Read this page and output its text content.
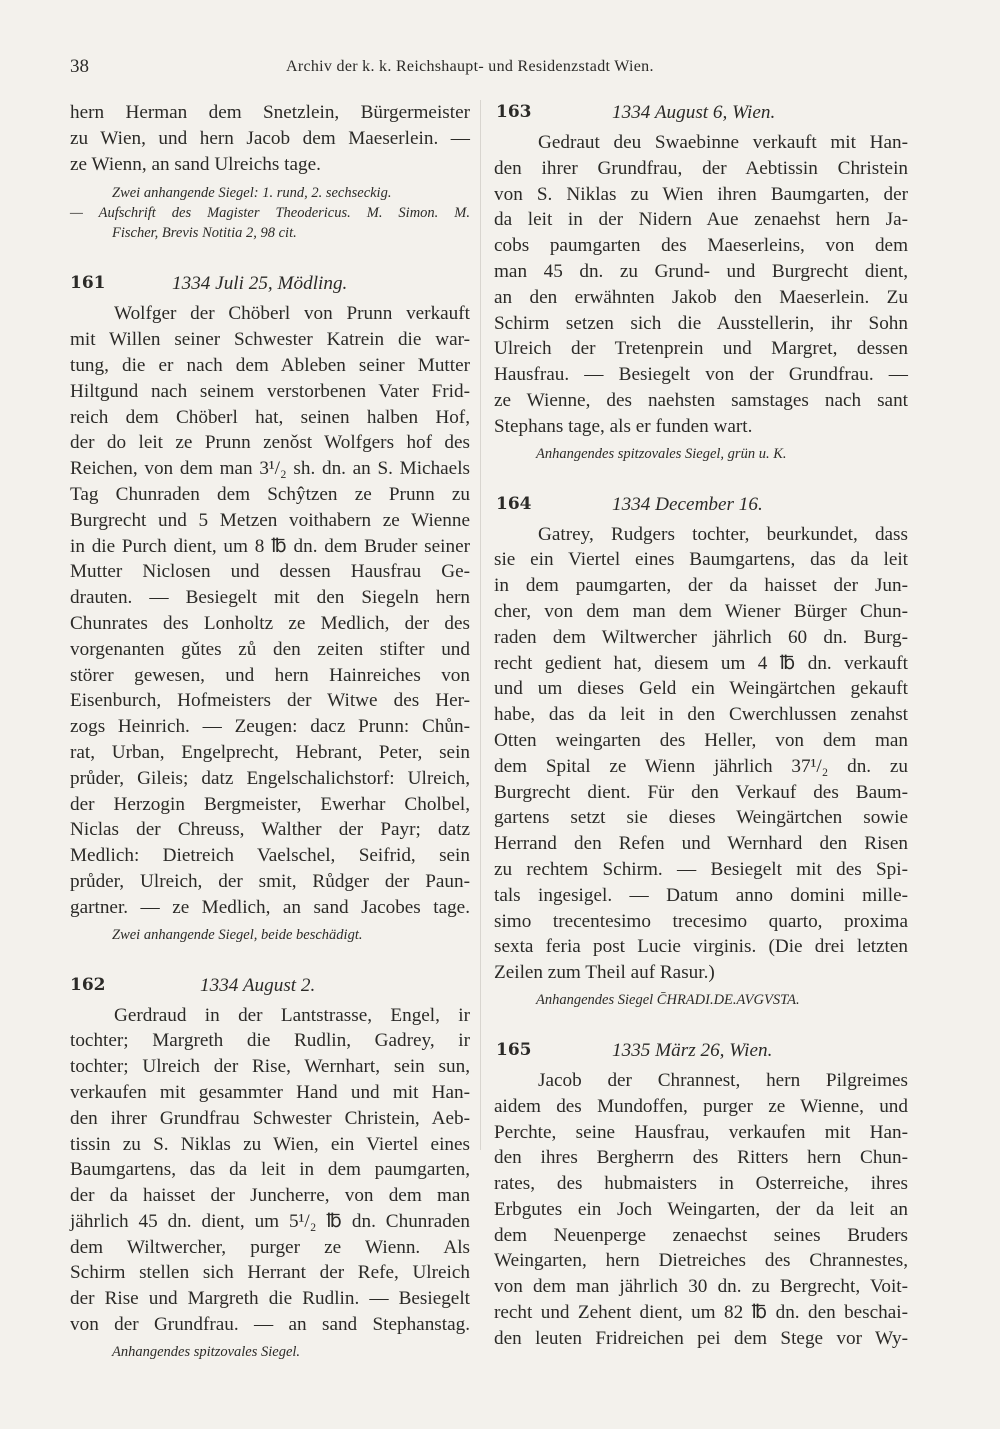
38	Archiv der k. k. Reichshaupt- und Residenzstadt Wien.
hern Herman dem Snetzlein, Bürgermeister
zu Wien, und hern Jacob dem Maeserlein. —
ze Wienn, an sand Ulreichs tage.
Zwei anhangende Siegel: 1. rund, 2. sechseckig.
— Aufschrift des Magister Theodericus. M. Simon. M.
Fischer, Brevis Notitia 2, 98 cit.
161	1334 Juli 25, Mödling.
Wolfger der Chöberl von Prunn verkauft
mit Willen seiner Schwester Katrein die war-
tung, die er nach dem Ableben seiner Mutter
Hiltgund nach seinem verstorbenen Vater Frid-
reich dem Chöberl hat, seinen halben Hof,
der do leit ze Prunn zenǒst Wolfgers hof des
Reichen, von dem man 3¹/₂ sh. dn. an S. Michaels
Tag Chunraden dem Schŷtzen ze Prunn zu
Burgrecht und 5 Metzen voithabern ze Wienne
in die Purch dient, um 8 ℔ dn. dem Bruder seiner
Mutter Niclosen und dessen Hausfrau Ge-
drauten. — Besiegelt mit den Siegeln hern
Chunrates des Lonholtz ze Medlich, der des
vorgenanten gǔtes zů den zeiten stifter und
störer gewesen, und hern Hainreiches von
Eisenburch, Hofmeisters der Witwe des Her-
zogs Heinrich. — Zeugen: dacz Prunn: Chůn-
rat, Urban, Engelprecht, Hebrant, Peter, sein
průder, Gileis; datz Engelschalichstorf: Ulreich,
der Herzogin Bergmeister, Ewerhar Cholbel,
Niclas der Chreuss, Walther der Payr; datz
Medlich: Dietreich Vaelschel, Seifrid, sein
průder, Ulreich, der smit, Růdger der Paun-
gartner. — ze Medlich, an sand Jacobes tage.
Zwei anhangende Siegel, beide beschädigt.
162	1334 August 2.
Gerdraud in der Lantstrasse, Engel, ir
tochter; Margreth die Rudlin, Gadrey, ir
tochter; Ulreich der Rise, Wernhart, sein sun,
verkaufen mit gesammter Hand und mit Han-
den ihrer Grundfrau Schwester Christein, Aeb-
tissin zu S. Niklas zu Wien, ein Viertel eines
Baumgartens, das da leit in dem paumgarten,
der da haisset der Juncherre, von dem man
jährlich 45 dn. dient, um 5¹/₂ ℔ dn. Chunraden
dem Wiltwercher, purger ze Wienn. Als
Schirm stellen sich Herrant der Refe, Ulreich
der Rise und Margreth die Rudlin. — Besiegelt
von der Grundfrau. — an sand Stephanstag.
Anhangendes spitzovales Siegel.
163	1334 August 6, Wien.
Gedraut deu Swaebinne verkauft mit Han-
den ihrer Grundfrau, der Aebtissin Christein
von S. Niklas zu Wien ihren Baumgarten, der
da leit in der Nidern Aue zenaehst hern Ja-
cobs paumgarten des Maeserleins, von dem
man 45 dn. zu Grund- und Burgrecht dient,
an den erwähnten Jakob den Maeserlein. Zu
Schirm setzen sich die Ausstellerin, ihr Sohn
Ulreich der Tretenprein und Margret, dessen
Hausfrau. — Besiegelt von der Grundfrau. —
ze Wienne, des naehsten samstages nach sant
Stephans tage, als er funden wart.
Anhangendes spitzovales Siegel, grün u. K.
164	1334 December 16.
Gatrey, Rudgers tochter, beurkundet, dass
sie ein Viertel eines Baumgartens, das da leit
in dem paumgarten, der da haisset der Jun-
cher, von dem man dem Wiener Bürger Chun-
raden dem Wiltwercher jährlich 60 dn. Burg-
recht gedient hat, diesem um 4 ℔ dn. verkauft
und um dieses Geld ein Weingärtchen gekauft
habe, das da leit in den Cwerchlussen zenahst
Otten weingarten des Heller, von dem man
dem Spital ze Wienn jährlich 37¹/₂ dn. zu
Burgrecht dient. Für den Verkauf des Baum-
gartens setzt sie dieses Weingärtchen sowie
Herrand den Refen und Wernhard den Risen
zu rechtem Schirm. — Besiegelt mit des Spi-
tals ingesigel. — Datum anno domini mille-
simo trecentesimo trecesimo quarto, proxima
sexta feria post Lucie virginis. (Die drei letzten
Zeilen zum Theil auf Rasur.)
Anhangendes Siegel C̄HRADI.DE.AVGVSTA.
165	1335 März 26, Wien.
Jacob der Chrannest, hern Pilgreimes
aidem des Mundoffen, purger ze Wienne, und
Perchte, seine Hausfrau, verkaufen mit Han-
den ihres Bergherrn des Ritters hern Chun-
rates, des hubmaisters in Osterreiche, ihres
Erbgutes ein Joch Weingarten, der da leit an
dem Neuenperge zenaechst seines Bruders
Weingarten, hern Dietreiches des Chrannestes,
von dem man jährlich 30 dn. zu Bergrecht, Voit-
recht und Zehent dient, um 82 ℔ dn. den beschai-
den leuten Fridreichen pei dem Stege vor Wy-
